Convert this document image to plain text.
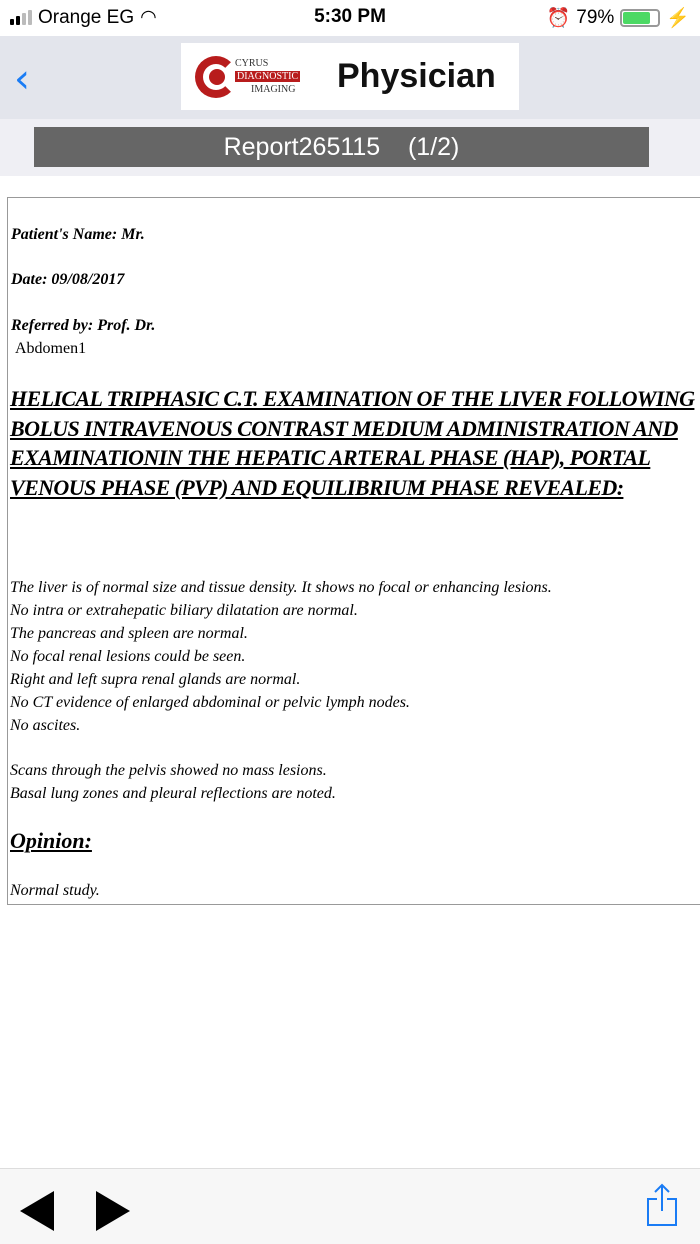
Orange EG ◠	5:30 PM	⏰ 79%	⚡
‹	CYRUS
DIAGNOSTIC
IMAGING Physician
Report265115    (1/2)
Patient's Name: Mr.
Date: 09/08/2017
Referred by: Prof. Dr.
Abdomen1
HELICAL TRIPHASIC C.T. EXAMINATION OF THE LIVER FOLLOWING BOLUS INTRAVENOUS CONTRAST MEDIUM ADMINISTRATION AND EXAMINATIONIN THE HEPATIC ARTERAL PHASE (HAP), PORTAL VENOUS PHASE (PVP) AND EQUILIBRIUM PHASE REVEALED:
The liver is of normal size and tissue density. It shows no focal or enhancing lesions.
No intra or extrahepatic biliary dilatation are normal.
The pancreas and spleen are normal.
No focal renal lesions could be seen.
Right and left supra renal glands are normal.
No CT evidence of enlarged abdominal or pelvic lymph nodes.
No ascites.
Scans through the pelvis showed no mass lesions.
Basal lung zones and pleural reflections are noted.
Opinion:
Normal study.
